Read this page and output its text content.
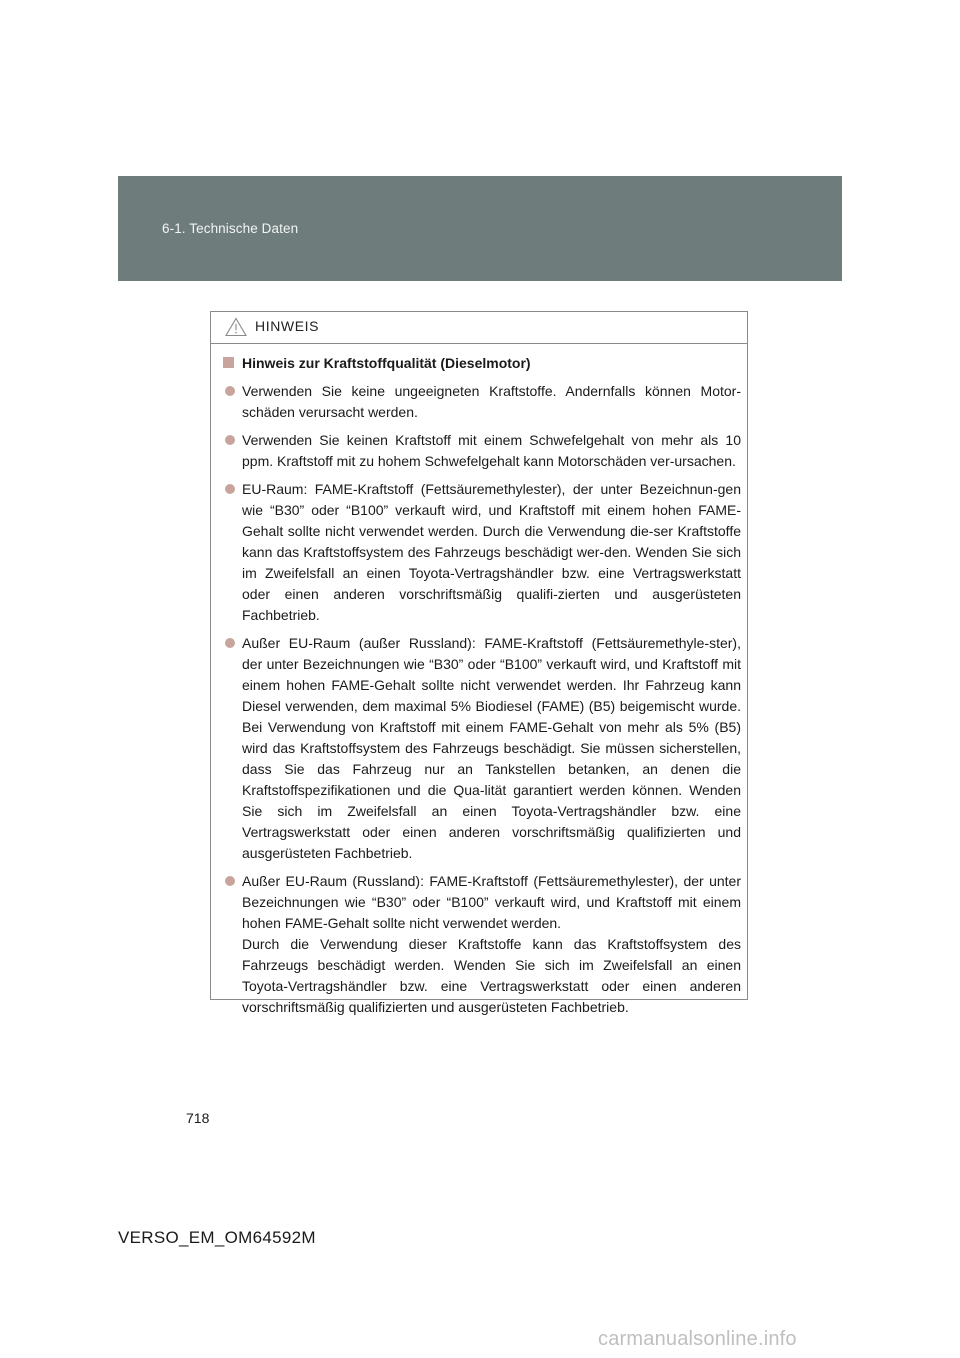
6-1. Technische Daten
HINWEIS
Hinweis zur Kraftstoffqualität (Dieselmotor)
Verwenden Sie keine ungeeigneten Kraftstoffe. Andernfalls können Motor-schäden verursacht werden.
Verwenden Sie keinen Kraftstoff mit einem Schwefelgehalt von mehr als 10 ppm. Kraftstoff mit zu hohem Schwefelgehalt kann Motorschäden ver-ursachen.
EU-Raum: FAME-Kraftstoff (Fettsäuremethylester), der unter Bezeichnun-gen wie “B30” oder “B100” verkauft wird, und Kraftstoff mit einem hohen FAME-Gehalt sollte nicht verwendet werden. Durch die Verwendung die-ser Kraftstoffe kann das Kraftstoffsystem des Fahrzeugs beschädigt wer-den. Wenden Sie sich im Zweifelsfall an einen Toyota-Vertragshändler bzw. eine Vertragswerkstatt oder einen anderen vorschriftsmäßig qualifi-zierten und ausgerüsteten Fachbetrieb.
Außer EU-Raum (außer Russland): FAME-Kraftstoff (Fettsäuremethyle-ster), der unter Bezeichnungen wie “B30” oder “B100” verkauft wird, und Kraftstoff mit einem hohen FAME-Gehalt sollte nicht verwendet werden. Ihr Fahrzeug kann Diesel verwenden, dem maximal 5% Biodiesel (FAME) (B5) beigemischt wurde. Bei Verwendung von Kraftstoff mit einem FAME-Gehalt von mehr als 5% (B5) wird das Kraftstoffsystem des Fahrzeugs beschädigt. Sie müssen sicherstellen, dass Sie das Fahrzeug nur an Tankstellen betanken, an denen die Kraftstoffspezifikationen und die Qua-lität garantiert werden können. Wenden Sie sich im Zweifelsfall an einen Toyota-Vertragshändler bzw. eine Vertragswerkstatt oder einen anderen vorschriftsmäßig qualifizierten und ausgerüsteten Fachbetrieb.
Außer EU-Raum (Russland): FAME-Kraftstoff (Fettsäuremethylester), der unter Bezeichnungen wie “B30” oder “B100” verkauft wird, und Kraftstoff mit einem hohen FAME-Gehalt sollte nicht verwendet werden.
Durch die Verwendung dieser Kraftstoffe kann das Kraftstoffsystem des Fahrzeugs beschädigt werden. Wenden Sie sich im Zweifelsfall an einen Toyota-Vertragshändler bzw. eine Vertragswerkstatt oder einen anderen vorschriftsmäßig qualifizierten und ausgerüsteten Fachbetrieb.
718
VERSO_EM_OM64592M
carmanualsonline.info
